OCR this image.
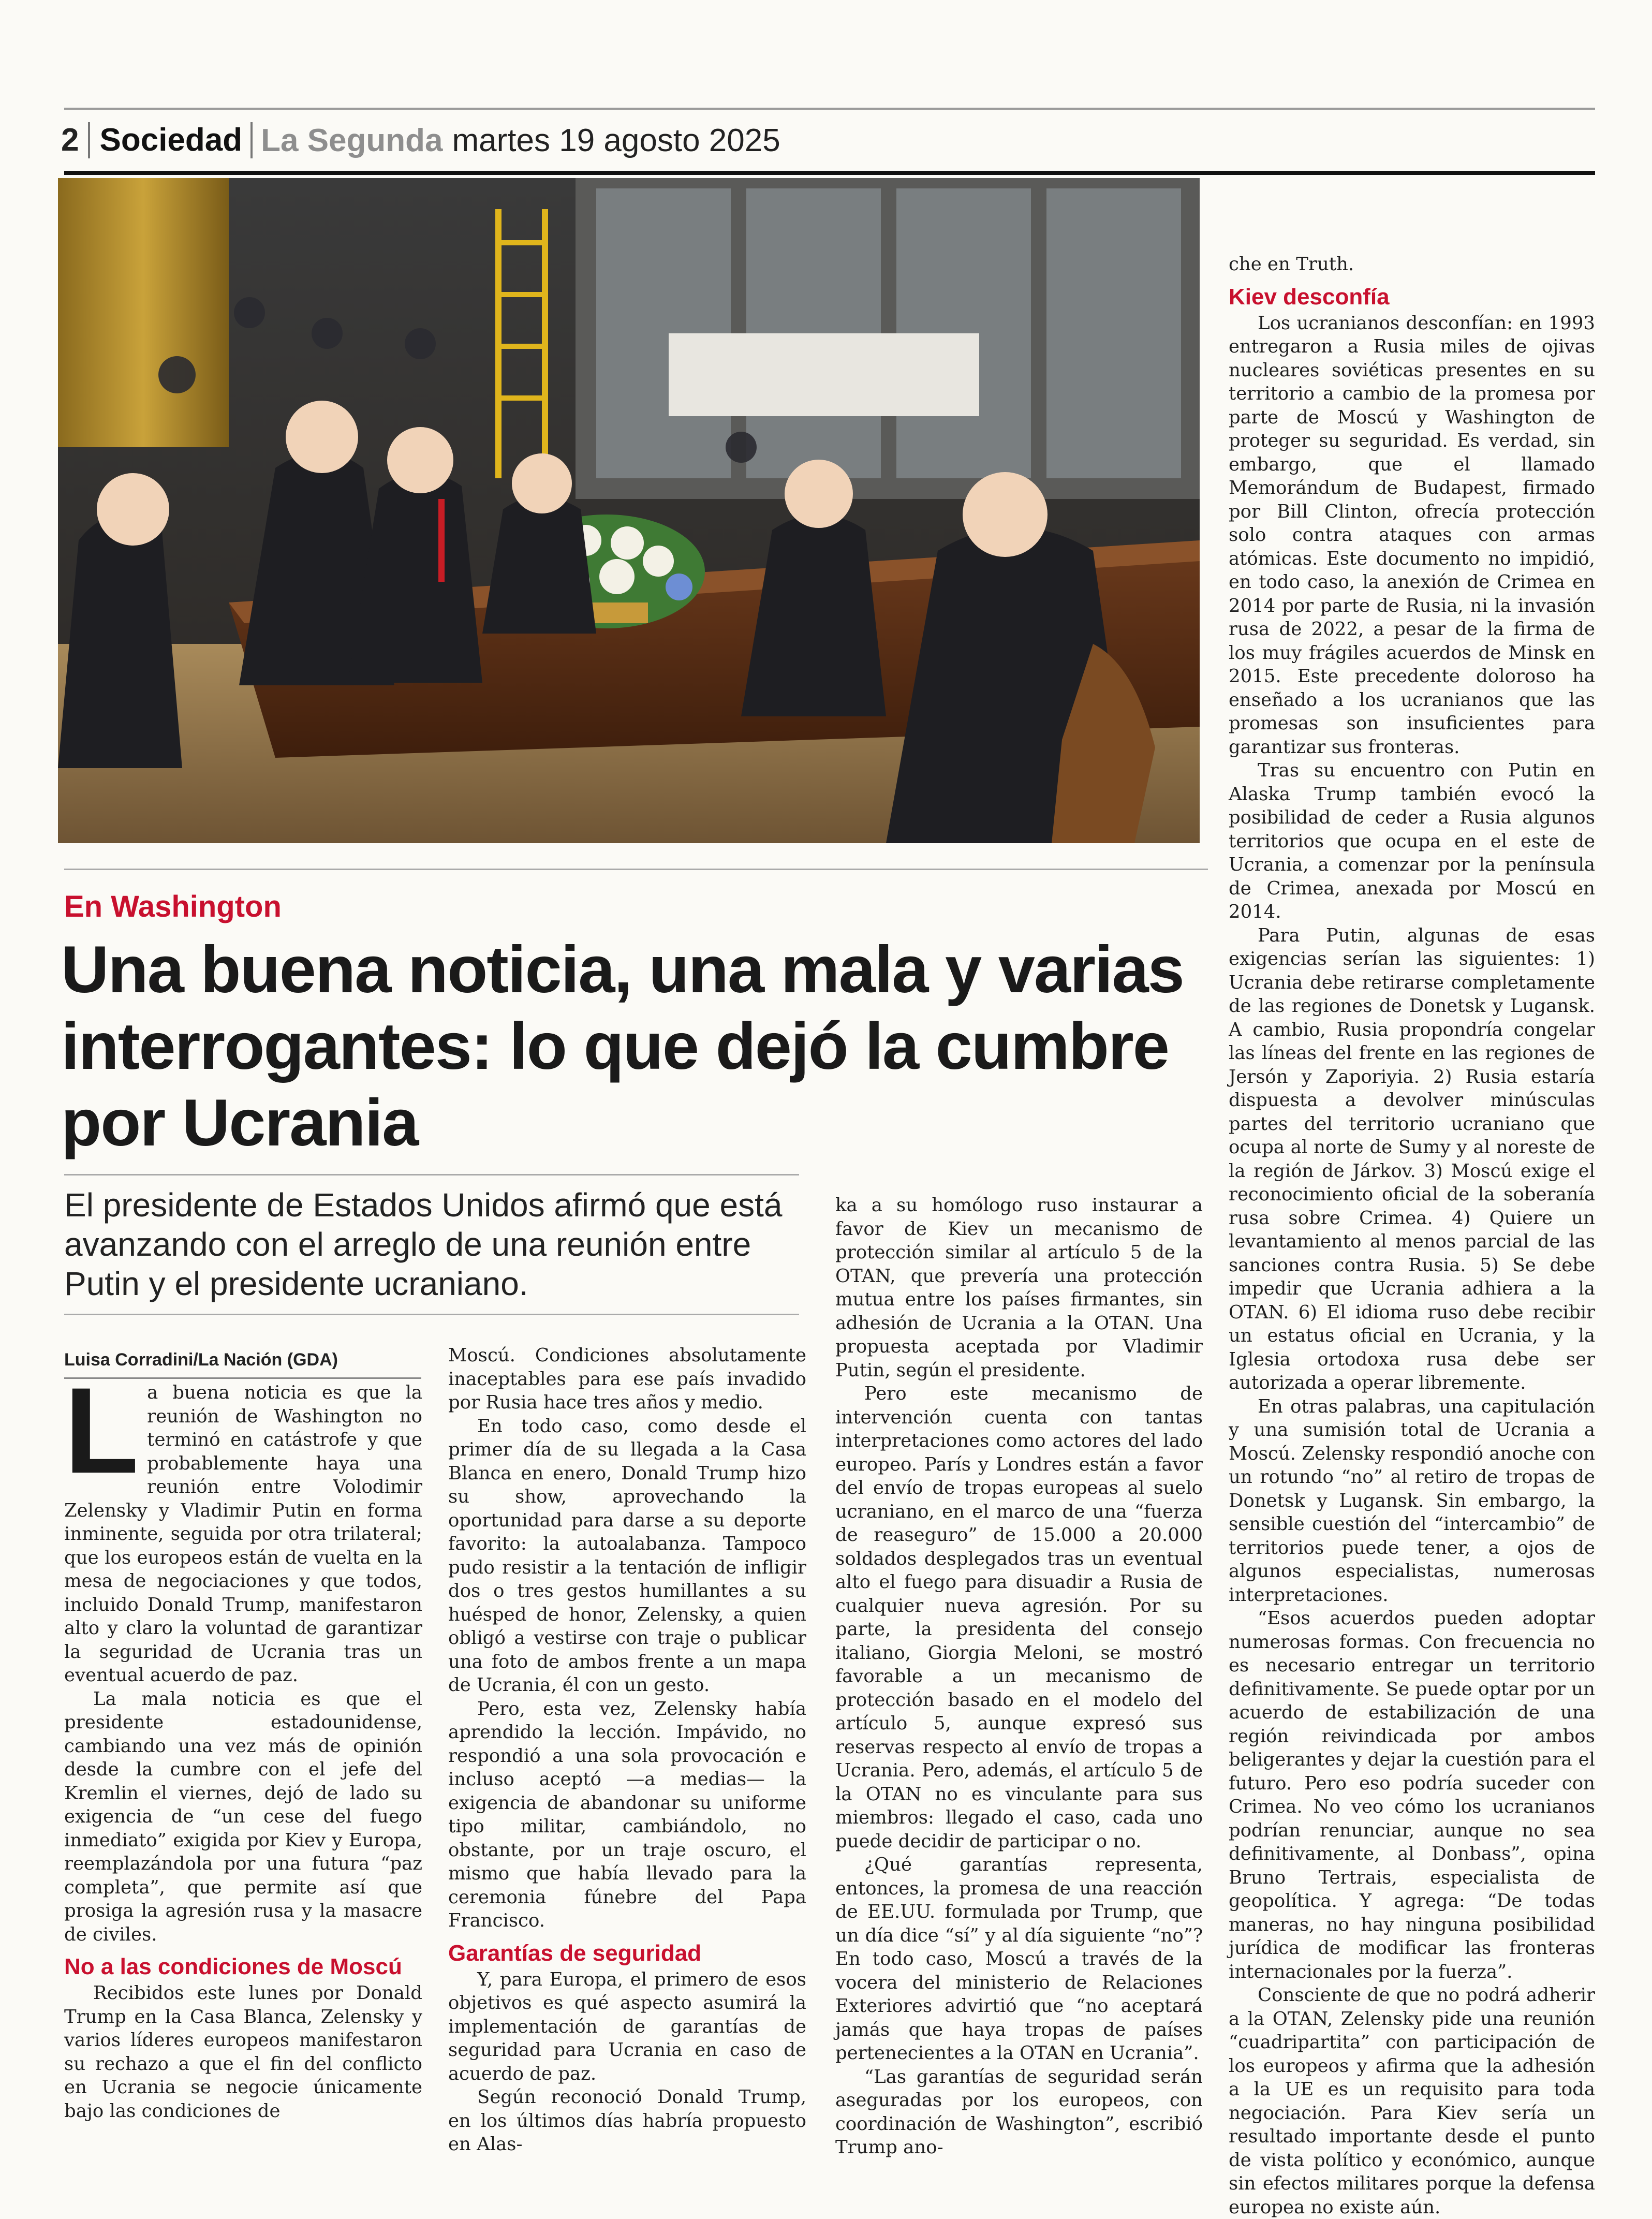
2 Sociedad La Segunda martes 19 agosto 2025
En Washington
Una buena noticia, una mala y varias interrogantes: lo que dejó la cumbre por Ucrania

El presidente de Estados Unidos afirmó que está avanzando con el arreglo de una reunión entre Putin y el presidente ucraniano.

Luisa Corradini/La Nación (GDA)

La buena noticia es que la reunión de Washington no terminó en catástrofe y que probablemente haya una reunión entre Volodimir Zelensky y Vladimir Putin en forma inminente, seguida por otra trilateral; que los europeos están de vuelta en la mesa de negociaciones y que todos, incluido Donald Trump, manifestaron alto y claro la voluntad de garantizar la seguridad de Ucrania tras un eventual acuerdo de paz.

La mala noticia es que el presidente estadounidense, cambiando una vez más de opinión desde la cumbre con el jefe del Kremlin el viernes, dejó de lado su exigencia de “un cese del fuego inmediato” exigida por Kiev y Europa, reemplazándola por una futura “paz completa”, que permite así que prosiga la agresión rusa y la masacre de civiles.

No a las condiciones de Moscú

Recibidos este lunes por Donald Trump en la Casa Blanca, Zelensky y varios líderes europeos manifestaron su rechazo a que el fin del conflicto en Ucrania se negocie únicamente bajo las condiciones de

Moscú. Condiciones absolutamente inaceptables para ese país invadido por Rusia hace tres años y medio.

En todo caso, como desde el primer día de su llegada a la Casa Blanca en enero, Donald Trump hizo su show, aprovechando la oportunidad para darse a su deporte favorito: la autoalabanza. Tampoco pudo resistir a la tentación de infligir dos o tres gestos humillantes a su huésped de honor, Zelensky, a quien obligó a vestirse con traje o publicar una foto de ambos frente a un mapa de Ucrania, él con un gesto.

Pero, esta vez, Zelensky había aprendido la lección. Impávido, no respondió a una sola provocación e incluso aceptó —a medias— la exigencia de abandonar su uniforme tipo militar, cambiándolo, no obstante, por un traje oscuro, el mismo que había llevado para la ceremonia fúnebre del Papa Francisco.

Garantías de seguridad

Y, para Europa, el primero de esos objetivos es qué aspecto asumirá la implementación de garantías de seguridad para Ucrania en caso de acuerdo de paz.

Según reconoció Donald Trump, en los últimos días habría propuesto en Alas-

ka a su homólogo ruso instaurar a favor de Kiev un mecanismo de protección similar al artículo 5 de la OTAN, que prevería una protección mutua entre los países firmantes, sin adhesión de Ucrania a la OTAN. Una propuesta aceptada por Vladimir Putin, según el presidente.

Pero este mecanismo de intervención cuenta con tantas interpretaciones como actores del lado europeo. París y Londres están a favor del envío de tropas europeas al suelo ucraniano, en el marco de una “fuerza de reaseguro” de 15.000 a 20.000 soldados desplegados tras un eventual alto el fuego para disuadir a Rusia de cualquier nueva agresión. Por su parte, la presidenta del consejo italiano, Giorgia Meloni, se mostró favorable a un mecanismo de protección basado en el modelo del artículo 5, aunque expresó sus reservas respecto al envío de tropas a Ucrania. Pero, además, el artículo 5 de la OTAN no es vinculante para sus miembros: llegado el caso, cada uno puede decidir de participar o no.

¿Qué garantías representa, entonces, la promesa de una reacción de EE.UU. formulada por Trump, que un día dice “sí” y al día siguiente “no”? En todo caso, Moscú a través de la vocera del ministerio de Relaciones Exteriores advirtió que “no aceptará jamás que haya tropas de países pertenecientes a la OTAN en Ucrania”.

“Las garantías de seguridad serán aseguradas por los europeos, con coordinación de Washington”, escribió Trump ano-

che en Truth.

Kiev desconfía

Los ucranianos desconfían: en 1993 entregaron a Rusia miles de ojivas nucleares soviéticas presentes en su territorio a cambio de la promesa por parte de Moscú y Washington de proteger su seguridad. Es verdad, sin embargo, que el llamado Memorándum de Budapest, firmado por Bill Clinton, ofrecía protección solo contra ataques con armas atómicas. Este documento no impidió, en todo caso, la anexión de Crimea en 2014 por parte de Rusia, ni la invasión rusa de 2022, a pesar de la firma de los muy frágiles acuerdos de Minsk en 2015. Este precedente doloroso ha enseñado a los ucranianos que las promesas son insuficientes para garantizar sus fronteras.

Tras su encuentro con Putin en Alaska Trump también evocó la posibilidad de ceder a Rusia algunos territorios que ocupa en el este de Ucrania, a comenzar por la península de Crimea, anexada por Moscú en 2014.

Para Putin, algunas de esas exigencias serían las siguientes: 1) Ucrania debe retirarse completamente de las regiones de Donetsk y Lugansk. A cambio, Rusia propondría congelar las líneas del frente en las regiones de Jersón y Zaporiyia. 2) Rusia estaría dispuesta a devolver minúsculas partes del territorio ucraniano que ocupa al norte de Sumy y al noreste de la región de Járkov. 3) Moscú exige el reconocimiento oficial de la soberanía rusa sobre Crimea. 4) Quiere un levantamiento al menos parcial de las sanciones contra Rusia. 5) Se debe impedir que Ucrania adhiera a la OTAN. 6) El idioma ruso debe recibir un estatus oficial en Ucrania, y la Iglesia ortodoxa rusa debe ser autorizada a operar libremente.

En otras palabras, una capitulación y una sumisión total de Ucrania a Moscú. Zelensky respondió anoche con un rotundo “no” al retiro de tropas de Donetsk y Lugansk. Sin embargo, la sensible cuestión del “intercambio” de territorios puede tener, a ojos de algunos especialistas, numerosas interpretaciones.

“Esos acuerdos pueden adoptar numerosas formas. Con frecuencia no es necesario entregar un territorio definitivamente. Se puede optar por un acuerdo de estabilización de una región reivindicada por ambos beligerantes y dejar la cuestión para el futuro. Pero eso podría suceder con Crimea. No veo cómo los ucranianos podrían renunciar, aunque no sea definitivamente, al Donbass”, opina Bruno Tertrais, especialista de geopolítica. Y agrega: “De todas maneras, no hay ninguna posibilidad jurídica de modificar las fronteras internacionales por la fuerza”.

Consciente de que no podrá adherir a la OTAN, Zelensky pide una reunión “cuadripartita” con participación de los europeos y afirma que la adhesión a la UE es un requisito para toda negociación. Para Kiev sería un resultado importante desde el punto de vista político y económico, aunque sin efectos militares porque la defensa europea no existe aún.
